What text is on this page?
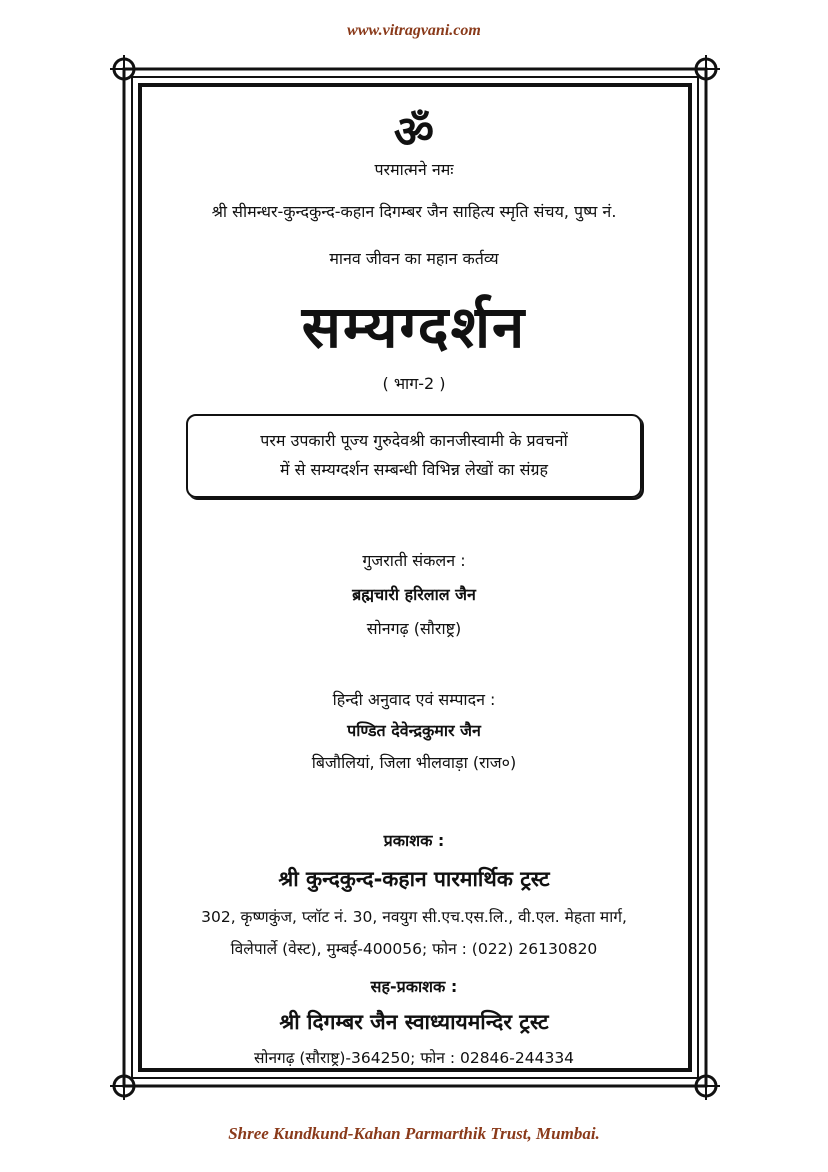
www.vitragvani.com
ॐ
परमात्मने नमः
श्री सीमन्धर-कुन्दकुन्द-कहान दिगम्बर जैन साहित्य स्मृति संचय, पुष्प नं.
मानव जीवन का महान कर्तव्य
सम्यग्दर्शन
( भाग-2 )
परम उपकारी पूज्य गुरुदेवश्री कानजीस्वामी के प्रवचनों
में से सम्यग्दर्शन सम्बन्धी विभिन्न लेखों का संग्रह
गुजराती संकलन :
ब्रह्मचारी हरिलाल जैन
सोनगढ़ (सौराष्ट्र)
हिन्दी अनुवाद एवं सम्पादन :
पण्डित देवेन्द्रकुमार जैन
बिजौलियां, जिला भीलवाड़ा (राज०)
प्रकाशक :
श्री कुन्दकुन्द-कहान पारमार्थिक ट्रस्ट
302, कृष्णकुंज, प्लॉट नं. 30, नवयुग सी.एच.एस.लि., वी.एल. मेहता मार्ग,
विलेपार्ले (वेस्ट), मुम्बई-400056; फोन : (022) 26130820
सह-प्रकाशक :
श्री दिगम्बर जैन स्वाध्यायमन्दिर ट्रस्ट
सोनगढ़ (सौराष्ट्र)-364250; फोन : 02846-244334
Shree Kundkund-Kahan Parmarthik Trust, Mumbai.
